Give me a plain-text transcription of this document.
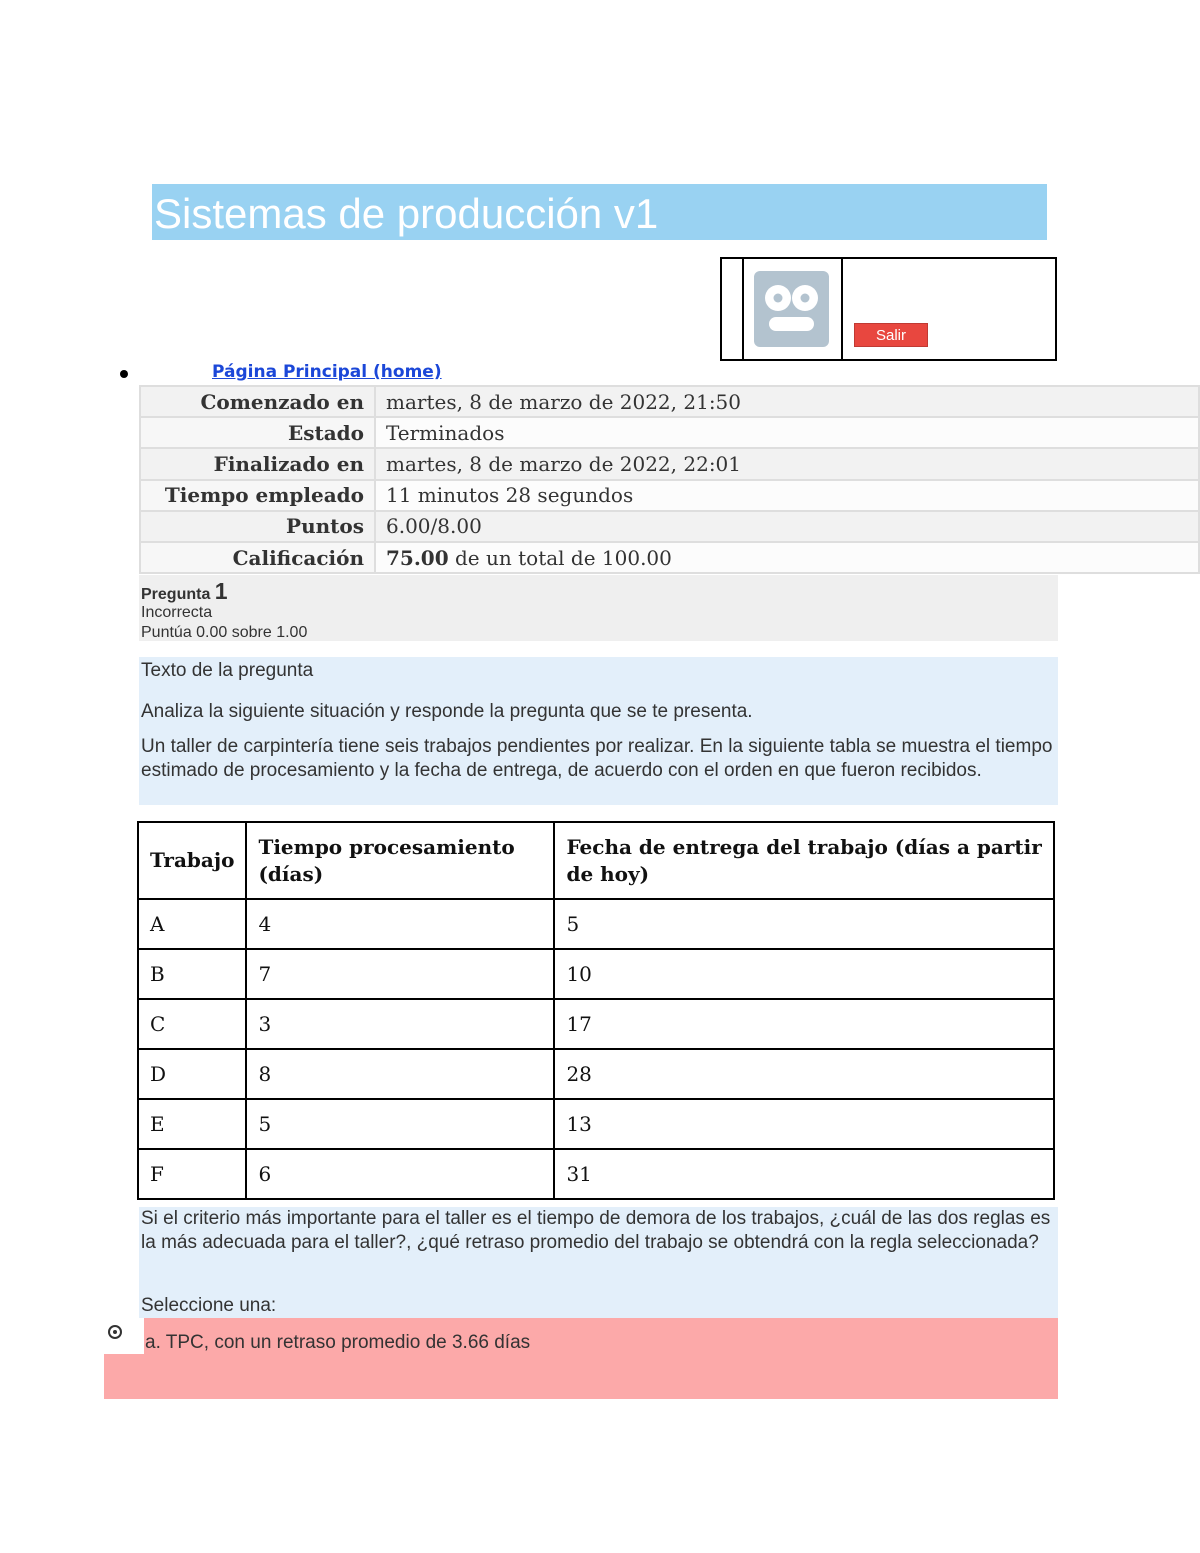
Sistemas de producción v1
Salir
Página Principal (home)
Comenzado en	martes, 8 de marzo de 2022, 21:50
Estado	Terminados
Finalizado en	martes, 8 de marzo de 2022, 22:01
Tiempo empleado	11 minutos 28 segundos
Puntos	6.00/8.00
Calificación	75.00 de un total de 100.00
Pregunta 1
Incorrecta
Puntúa 0.00 sobre 1.00
Texto de la pregunta
Analiza la siguiente situación y responde la pregunta que se te presenta.
Un taller de carpintería tiene seis trabajos pendientes por realizar. En la siguiente tabla se muestra el tiempo estimado de procesamiento y la fecha de entrega, de acuerdo con el orden en que fueron recibidos.
Trabajo	Tiempo procesamiento (días)	Fecha de entrega del trabajo (días a partir de hoy)
A	4	5
B	7	10
C	3	17
D	8	28
E	5	13
F	6	31
Si el criterio más importante para el taller es el tiempo de demora de los trabajos, ¿cuál de las dos reglas es la más adecuada para el taller?, ¿qué retraso promedio del trabajo se obtendrá con la regla seleccionada?
Seleccione una:
a. TPC, con un retraso promedio de 3.66 días
